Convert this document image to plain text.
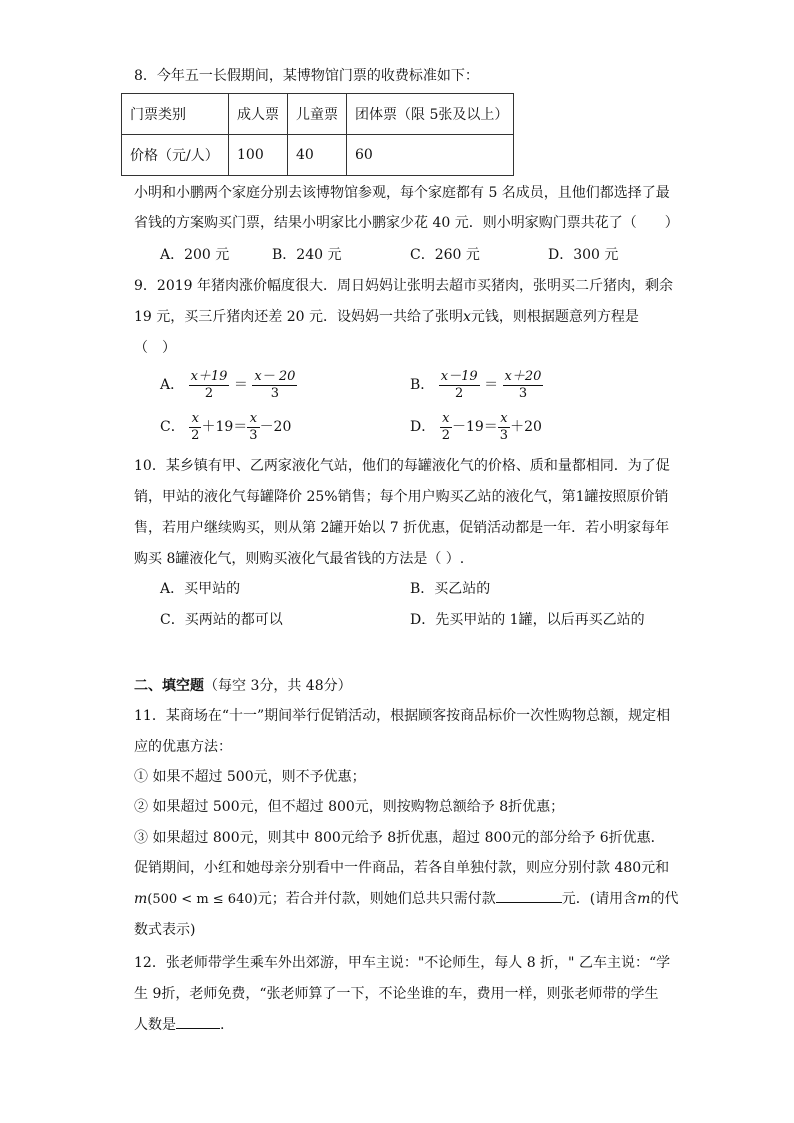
8．今年五一长假期间，某博物馆门票的收费标准如下：
门票类别	成人票	儿童票	团体票（限 5张及以上）
价格（元/人）	100	40	60
小明和小鹏两个家庭分别去该博物馆参观，每个家庭都有 5 名成员，且他们都选择了最
省钱的方案购买门票，结果小明家比小鹏家少花 40 元．则小明家购门票共花了（　　）
A．200 元	B．240 元	C．260 元	D．300 元
9．2019 年猪肉涨价幅度很大．周日妈妈让张明去超市买猪肉，张明买二斤猪肉，剩余
19 元，买三斤猪肉还差 20 元．设妈妈一共给了张明x元钱，则根据题意列方程是
（　）
A． $\frac{x+19}{2} = \frac{x- 20}{3}$	B． $\frac{x-19}{2} = \frac{x+20}{3}$
C． $\frac{x}{2} +19= \frac{x}{3} -20$	D． $\frac{x}{2} -19= \frac{x}{3} +20$
10．某乡镇有甲、乙两家液化气站，他们的每罐液化气的价格、质和量都相同．为了促
销，甲站的液化气每罐降价 25%销售；每个用户购买乙站的液化气，第1罐按照原价销
售，若用户继续购买，则从第 2罐开始以 7 折优惠，促销活动都是一年．若小明家每年
购买 8罐液化气，则购买液化气最省钱的方法是（ ）.
A．买甲站的	B．买乙站的
C．买两站的都可以	D．先买甲站的 1罐，以后再买乙站的
二、填空题（每空 3分，共 48分）
11．某商场在“十一”期间举行促销活动，根据顾客按商品标价一次性购物总额，规定相
应的优惠方法：
① 如果不超过 500元，则不予优惠；
② 如果超过 500元，但不超过 800元，则按购物总额给予 8折优惠；
③ 如果超过 800元，则其中 800元给予 8折优惠，超过 800元的部分给予 6折优惠．
促销期间，小红和她母亲分别看中一件商品，若各自单独付款，则应分别付款 480元和
m(500 < m ≤ 640)元；若合并付款，则她们总共只需付款	元．(请用含m的代
数式表示)
12．张老师带学生乘车外出郊游，甲车主说："不论师生，每人 8 折，" 乙车主说：“学
生 9折，老师免费，“张老师算了一下，不论坐谁的车，费用一样，则张老师带的学生
人数是	.
